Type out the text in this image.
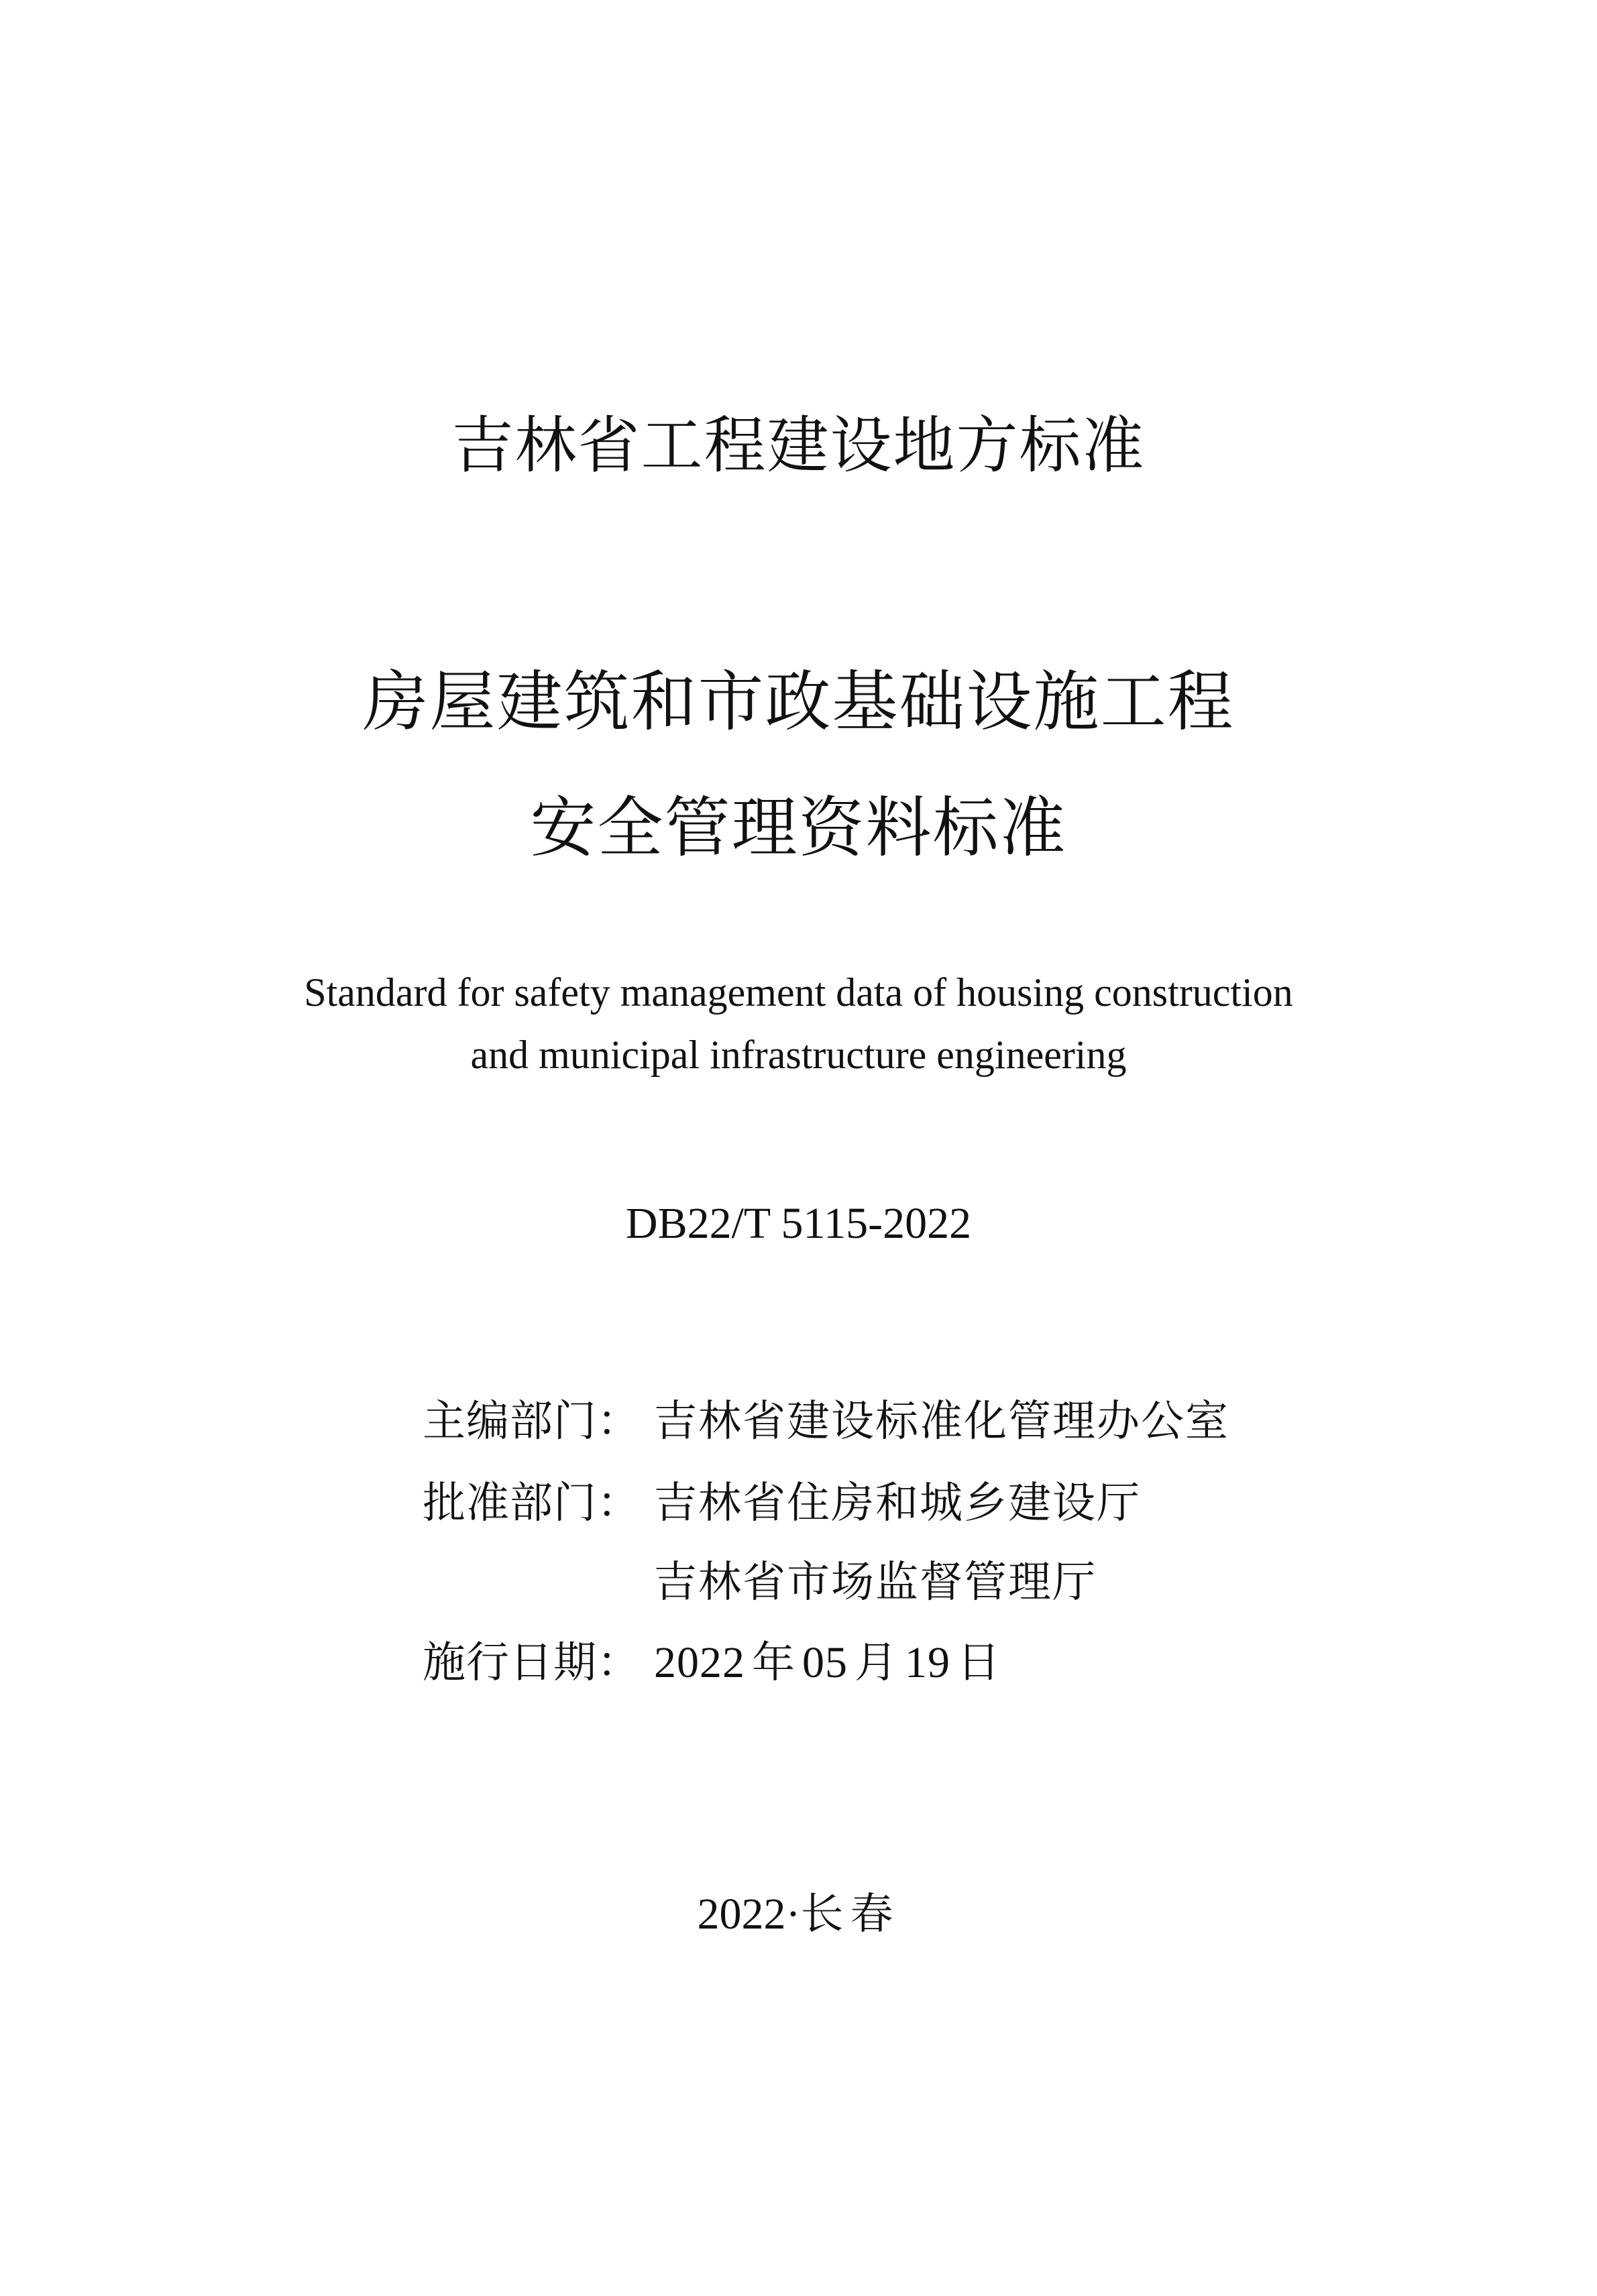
吉林省工程建设地方标准
房屋建筑和市政基础设施工程
安全管理资料标准
Standard for safety management data of housing construction
and municipal infrastructure engineering
DB22/T 5115-2022
主编部门： 吉林省建设标准化管理办公室
批准部门： 吉林省住房和城乡建设厅
吉林省市场监督管理厅
施行日期： 2022 年 05 月 19 日
2022·长春
